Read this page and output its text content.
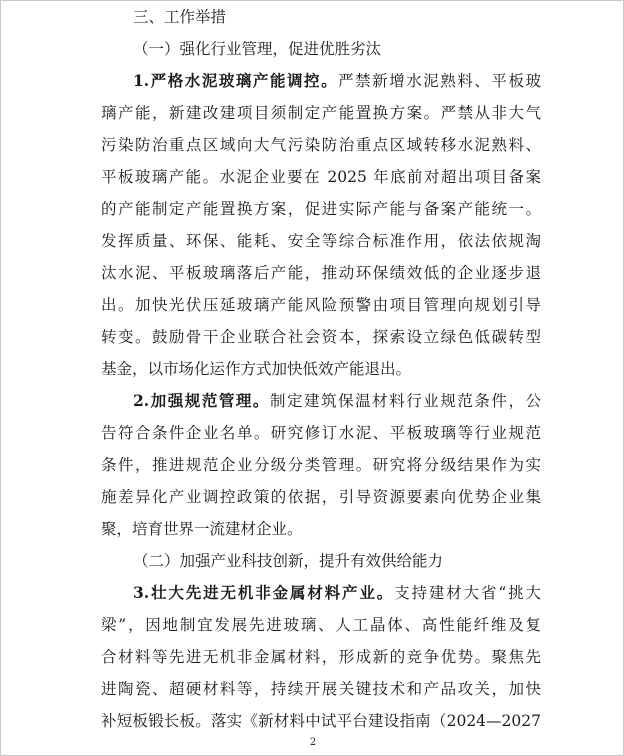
三、工作举措
（一）强化行业管理，促进优胜劣汰
1.严格水泥玻璃产能调控。严禁新增水泥熟料、平板玻
璃产能，新建改建项目须制定产能置换方案。严禁从非大气
污染防治重点区域向大气污染防治重点区域转移水泥熟料、
平板玻璃产能。水泥企业要在 2025 年底前对超出项目备案
的产能制定产能置换方案，促进实际产能与备案产能统一。
发挥质量、环保、能耗、安全等综合标准作用，依法依规淘
汰水泥、平板玻璃落后产能，推动环保绩效低的企业逐步退
出。加快光伏压延玻璃产能风险预警由项目管理向规划引导
转变。鼓励骨干企业联合社会资本，探索设立绿色低碳转型
基金，以市场化运作方式加快低效产能退出。
2.加强规范管理。制定建筑保温材料行业规范条件，公
告符合条件企业名单。研究修订水泥、平板玻璃等行业规范
条件，推进规范企业分级分类管理。研究将分级结果作为实
施差异化产业调控政策的依据，引导资源要素向优势企业集
聚，培育世界一流建材企业。
（二）加强产业科技创新，提升有效供给能力
3.壮大先进无机非金属材料产业。支持建材大省“挑大
梁”，因地制宜发展先进玻璃、人工晶体、高性能纤维及复
合材料等先进无机非金属材料，形成新的竞争优势。聚焦先
进陶瓷、超硬材料等，持续开展关键技术和产品攻关，加快
补短板锻长板。落实《新材料中试平台建设指南（2024—2027
2
